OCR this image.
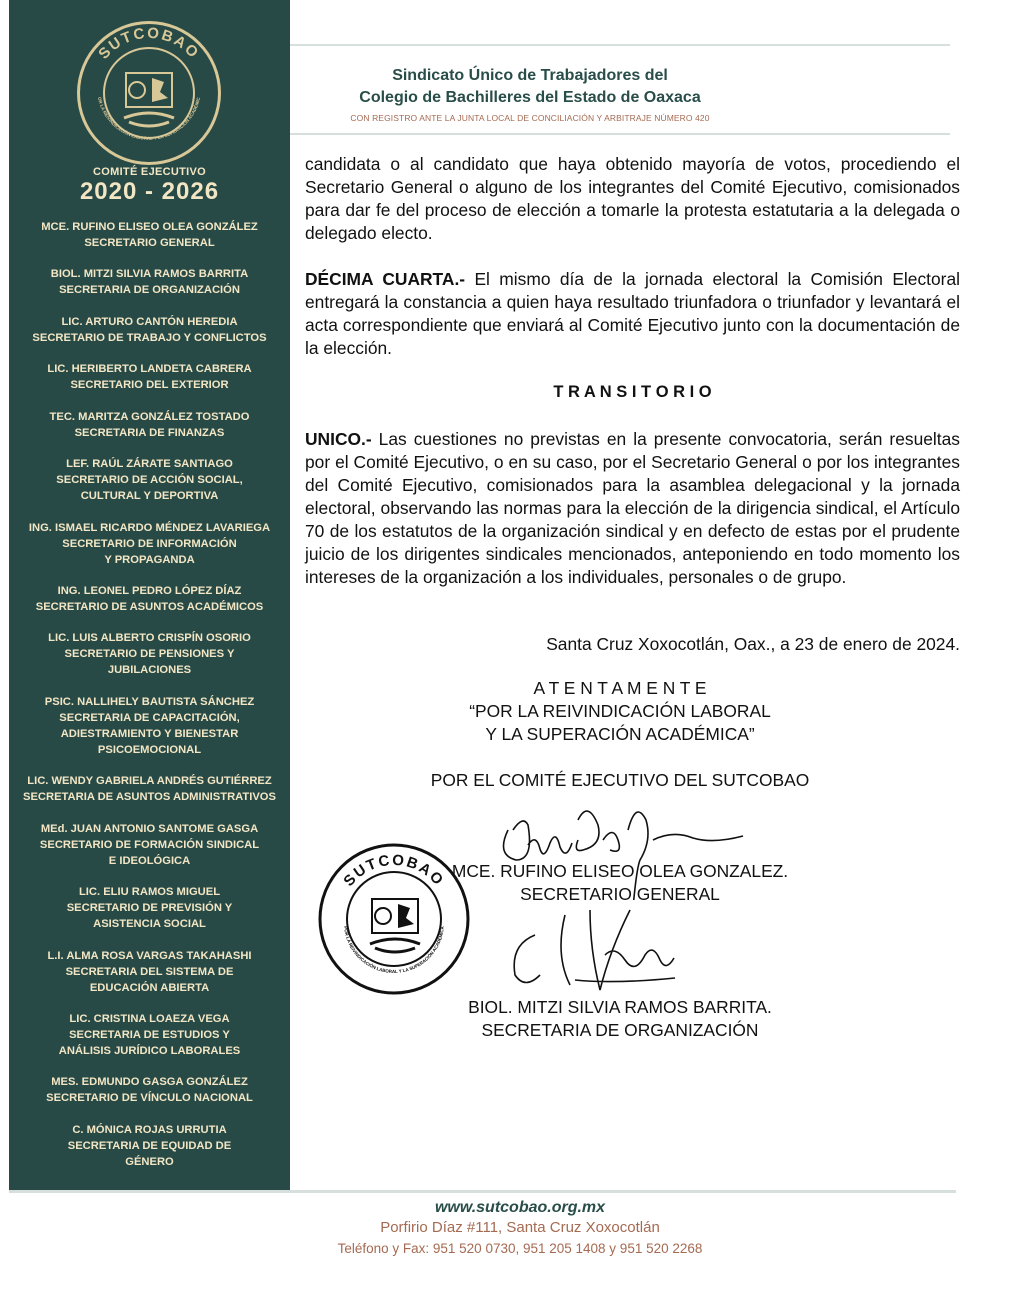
SUTCOBAO
OR LA REIVINDICACIÓN LABORAL Y LA SUPERACIÓN ACADÉMIC
COMITÉ EJECUTIVO
2020 - 2026
MCE. RUFINO ELISEO OLEA GONZÁLEZ
SECRETARIO GENERAL
BIOL. MITZI SILVIA RAMOS BARRITA
SECRETARIA DE ORGANIZACIÓN
LIC. ARTURO CANTÓN HEREDIA
SECRETARIO DE TRABAJO Y CONFLICTOS
LIC. HERIBERTO LANDETA CABRERA
SECRETARIO DEL EXTERIOR
TEC. MARITZA GONZÁLEZ TOSTADO
SECRETARIA DE FINANZAS
LEF. RAÚL ZÁRATE SANTIAGO
SECRETARIO DE ACCIÓN SOCIAL,
CULTURAL Y DEPORTIVA
ING. ISMAEL RICARDO MÉNDEZ LAVARIEGA
SECRETARIO DE INFORMACIÓN
Y PROPAGANDA
ING. LEONEL PEDRO LÓPEZ DÍAZ
SECRETARIO DE ASUNTOS ACADÉMICOS
LIC. LUIS ALBERTO CRISPÍN OSORIO
SECRETARIO DE PENSIONES Y
JUBILACIONES
PSIC. NALLIHELY BAUTISTA SÁNCHEZ
SECRETARIA DE CAPACITACIÓN,
ADIESTRAMIENTO Y BIENESTAR
PSICOEMOCIONAL
LIC. WENDY GABRIELA ANDRÉS GUTIÉRREZ
SECRETARIA DE ASUNTOS ADMINISTRATIVOS
MEd. JUAN ANTONIO SANTOME GASGA
SECRETARIO DE FORMACIÓN SINDICAL
E IDEOLÓGICA
LIC. ELIU RAMOS MIGUEL
SECRETARIO DE PREVISIÓN Y
ASISTENCIA SOCIAL
L.I. ALMA ROSA VARGAS TAKAHASHI
SECRETARIA DEL SISTEMA DE
EDUCACIÓN ABIERTA
LIC. CRISTINA LOAEZA VEGA
SECRETARIA DE ESTUDIOS Y
ANÁLISIS JURÍDICO LABORALES
MES. EDMUNDO GASGA GONZÁLEZ
SECRETARIO DE VÍNCULO NACIONAL
C. MÓNICA ROJAS URRUTIA
SECRETARIA DE EQUIDAD DE
GÉNERO
Sindicato Único de Trabajadores del
Colegio de Bachilleres del Estado de Oaxaca
CON REGISTRO ANTE LA JUNTA LOCAL DE CONCILIACIÓN Y ARBITRAJE NÚMERO 420
candidata o al candidato que haya obtenido mayoría de votos, procediendo el Secretario General o alguno de los integrantes del Comité Ejecutivo, comisionados para dar fe del proceso de elección a tomarle la protesta estatutaria a la delegada o delegado electo.
DÉCIMA CUARTA.- El mismo día de la jornada electoral la Comisión Electoral entregará la constancia a quien haya resultado triunfadora o triunfador y levantará el acta correspondiente que enviará al Comité Ejecutivo junto con la documentación de la elección.
T R A N S I T O R I O
UNICO.- Las cuestiones no previstas en la presente convocatoria, serán resueltas por el Comité Ejecutivo, o en su caso, por el Secretario General o por los integrantes del Comité Ejecutivo, comisionados para la asamblea delegacional y la jornada electoral, observando las normas para la elección de la dirigencia sindical, el Artículo 70 de los estatutos de la organización sindical y en defecto de estas por el prudente juicio de los dirigentes sindicales mencionados, anteponiendo en todo momento los intereses de la organización a los individuales, personales o de grupo.
Santa Cruz Xoxocotlán, Oax., a 23 de enero de 2024.
A T E N T A M E N T E
“POR LA REIVINDICACIÓN LABORAL
Y LA SUPERACIÓN ACADÉMICA”
POR EL COMITÉ EJECUTIVO DEL SUTCOBAO
MCE. RUFINO ELISEO OLEA GONZALEZ.
SECRETARIO GENERAL
SUTCOBAO
POR LA REIVINDICACIÓN LABORAL Y LA SUPERACIÓN ACADÉMICA
BIOL. MITZI SILVIA RAMOS BARRITA.
SECRETARIA DE ORGANIZACIÓN
www.sutcobao.org.mx
Porfirio Díaz #111, Santa Cruz Xoxocotlán
Teléfono y Fax: 951 520 0730, 951 205 1408 y 951 520 2268
